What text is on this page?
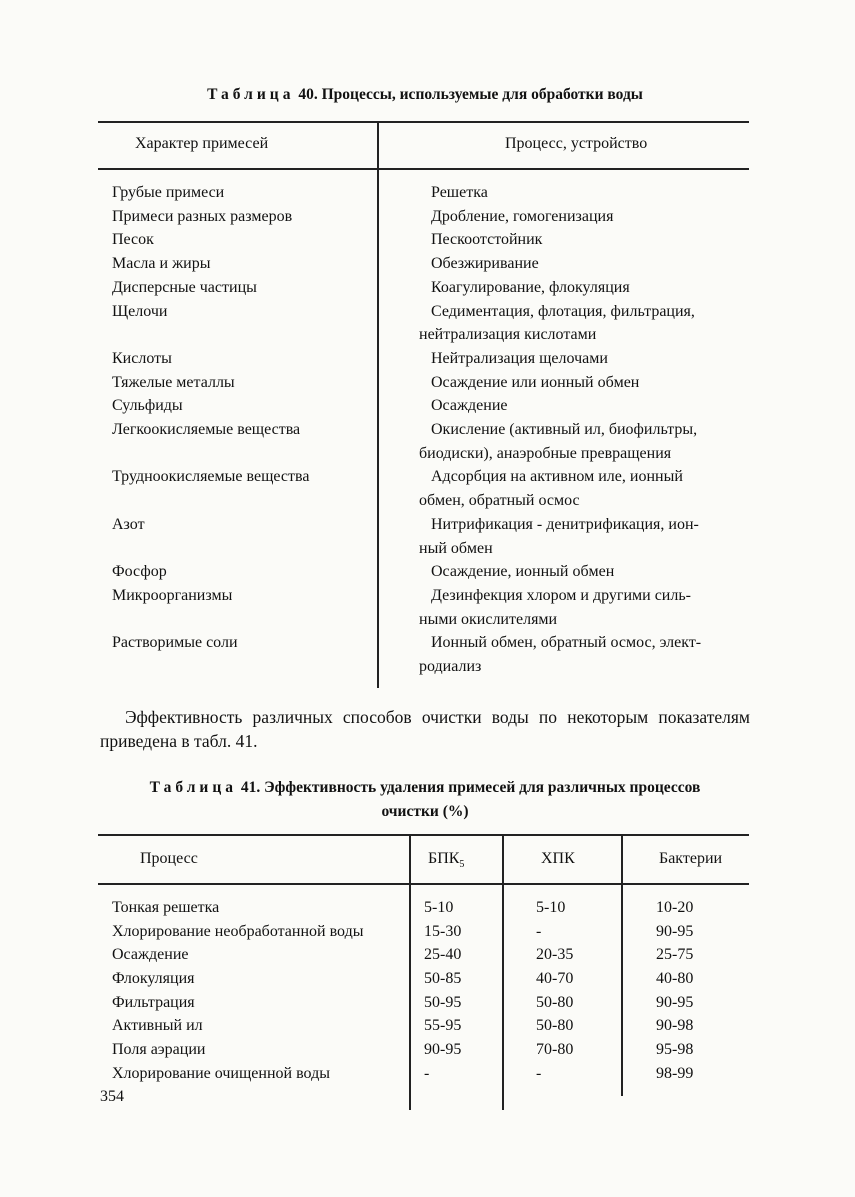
Таблица 40. Процессы, используемые для обработки воды
Характер примесей	Процесс, устройство
Грубые примеси	Решетка
Примеси разных размеров	Дробление, гомогенизация
Песок	Пескоотстойник
Масла и жиры	Обезжиривание
Дисперсные частицы	Коагулирование, флокуляция
Щелочи	Седиментация, флотация, фильтрация,
нейтрализация кислотами
Кислоты	Нейтрализация щелочами
Тяжелые металлы	Осаждение или ионный обмен
Сульфиды	Осаждение
Легкоокисляемые вещества	Окисление (активный ил, биофильтры,
биодиски), анаэробные превращения
Трудноокисляемые вещества	Адсорбция на активном иле, ионный
обмен, обратный осмос
Азот	Нитрификация - денитрификация, ион-
ный обмен
Фосфор	Осаждение, ионный обмен
Микроорганизмы	Дезинфекция хлором и другими силь-
ными окислителями
Растворимые соли	Ионный обмен, обратный осмос, элект-
родиализ
Эффективность различных способов очистки воды по некоторым показателям приведена в табл. 41.
Таблица 41. Эффективность удаления примесей для различных процессов
очистки (%)
Процесс	$БПК_5$	ХПК	Бактерии
Тонкая решетка	5-10	5-10	10-20
Хлорирование необработанной воды	15-30	-	90-95
Осаждение	25-40	20-35	25-75
Флокуляция	50-85	40-70	40-80
Фильтрация	50-95	50-80	90-95
Активный ил	55-95	50-80	90-98
Поля аэрации	90-95	70-80	95-98
Хлорирование очищенной воды	-	-	98-99
354
